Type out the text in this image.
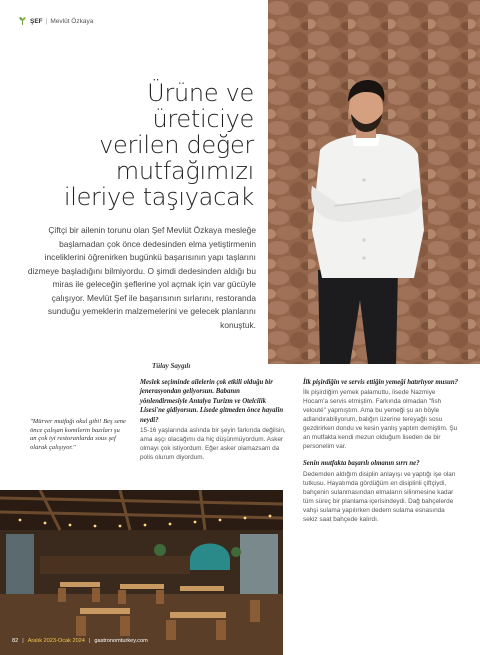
ŞEF | Mevlüt Özkaya
Ürüne ve
üreticiye
verilen değer
mutfağımızı
ileriye taşıyacak

Çiftçi bir ailenin torunu olan Şef Mevlüt Özkaya mesleğe başlamadan çok önce dedesinden elma yetiştirmenin inceliklerini öğrenirken bugünkü başarısının yapı taşlarını dizmeye başladığını bilmiyordu. O şimdi dedesinden aldığı bu miras ile geleceğin şeflerine yol açmak için var gücüyle çalışıyor. Mevlüt Şef ile başarısının sırlarını, restoranda sunduğu yemeklerin malzemelerini ve gelecek planlarını konuştuk.

Tülay Saygılı

"Mürver mutfağı okul gibi! Beş sene önce çalışan komilerin bazıları şu an çok iyi restoranlarda sous şef olarak çalışıyor."

Meslek seçiminde ailelerin çok etkili olduğu bir jenerasyondan geliyorsun. Babanın yönlendirmesiyle Antalya Turizm ve Otelcilik Lisesi'ne gidiyorsun. Lisede gitmeden önce hayalin neydi?

15-16 yaşlarında aslında bir şeyin farkında değilsin, ama aşçı olacağımı da hiç düşünmüyordum. Asker olmayı çok istiyordum. Eğer asker olamazsam da polis olurum diyordum.

İlk pişirdiğin ve servis ettiğin yemeği hatırlıyor musun?

İlk pişirdiğim yemek palamuttu, lisede Nazmiye Hocam'a servis etmiştim. Farkında olmadan "fish velouté" yapmıştım. Ama bu yemeği şu an böyle adlandırabiliyorum, balığın üzerine tereyağlı sosu gezdirirken dondu ve kesin yanlış yaptım demiştim. Şu an mutfakta kendi mezun olduğum liseden de bir personelim var.

Senin mutfakta başarılı olmanın sırrı ne?

Dedemden aldığım disiplin anlayışı ve yaptığı işe olan tutkusu. Hayatımda gördüğüm en disiplinli çiftçiydi, bahçenin sulanmasından elmaların silinmesine kadar tüm süreç bir planlama içerisindeydi. Dağ bahçelerde vahşi sulama yapılırken dedem sulama esnasında sekiz saat bahçede kalırdı.

82 | Aralık 2023-Ocak 2024 | gastronomturkey.com
